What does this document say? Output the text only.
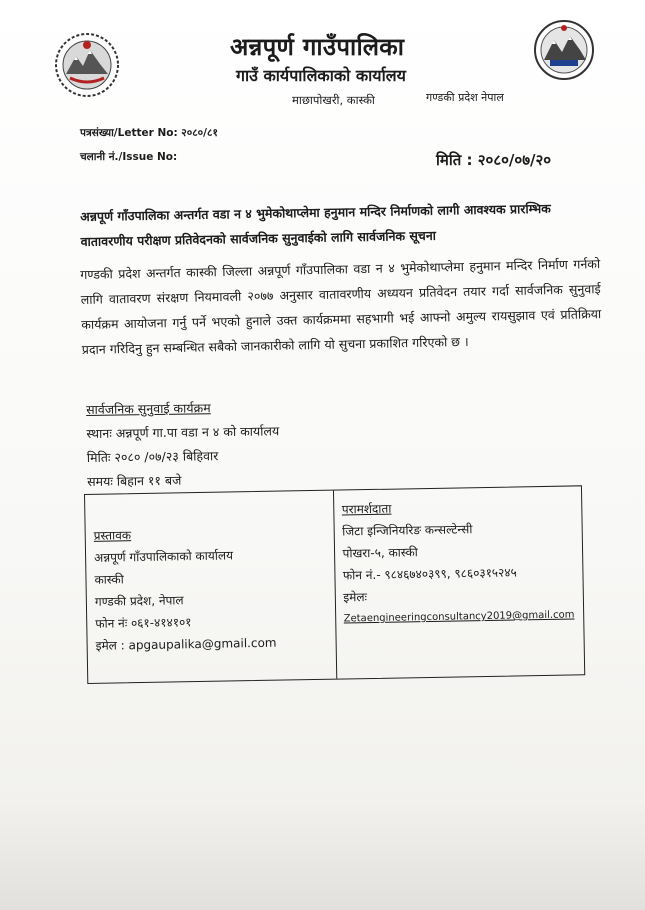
अन्नपूर्ण गाउँपालिका
गाउँ कार्यपालिकाको कार्यालय
माछापोखरी, कास्की	गण्डकी प्रदेश नेपाल
पत्रसंख्या/Letter No: २०८०/८१
चलानी नं./Issue No:	मिति : २०८०/०७/२०
अन्नपूर्ण गाँउपालिका अन्तर्गत वडा न ४ भुमेकोथाप्लेमा हनुमान मन्दिर निर्माणको लागी आवश्यक प्रारम्भिक वातावरणीय परीक्षण प्रतिवेदनको सार्वजनिक सुनुवाईको लागि सार्वजनिक सूचना
गण्डकी प्रदेश अन्तर्गत कास्की जिल्ला अन्नपूर्ण गाँउपालिका वडा न ४ भुमेकोथाप्लेमा हनुमान मन्दिर निर्माण गर्नको लागि वातावरण संरक्षण नियमावली २०७७ अनुसार वातावरणीय अध्ययन प्रतिवेदन तयार गर्दा सार्वजनिक सुनुवाई कार्यक्रम आयोजना गर्नु पर्ने भएको हुनाले उक्त कार्यक्रममा सहभागी भई आफ्नो अमुल्य रायसुझाव एवं प्रतिक्रिया प्रदान गरिदिनु हुन सम्बन्धित सबैको जानकारीको लागि यो सुचना प्रकाशित गरिएको छ ।
सार्वजनिक सुनुवाई कार्यक्रम
स्थानः अन्नपूर्ण गा.पा वडा न ४ को कार्यालय
मितिः २०८० /०७/२३ बिहिवार
समयः बिहान ११ बजे
प्रस्तावक
अन्नपूर्ण गाँउपालिकाको कार्यालय
कास्की
गण्डकी प्रदेश, नेपाल
फोन नंः ०६१-४१४१०१
इमेल : apgaupalika@gmail.com
परामर्शदाता
जिटा इन्जिनियरिङ कन्सल्टेन्सी
पोखरा-५, कास्की
फोन नं.- ९८४६७४०३९९, ९८६०३१५२४५
इमेलः
Zetaengineeringconsultancy2019@gmail.com
